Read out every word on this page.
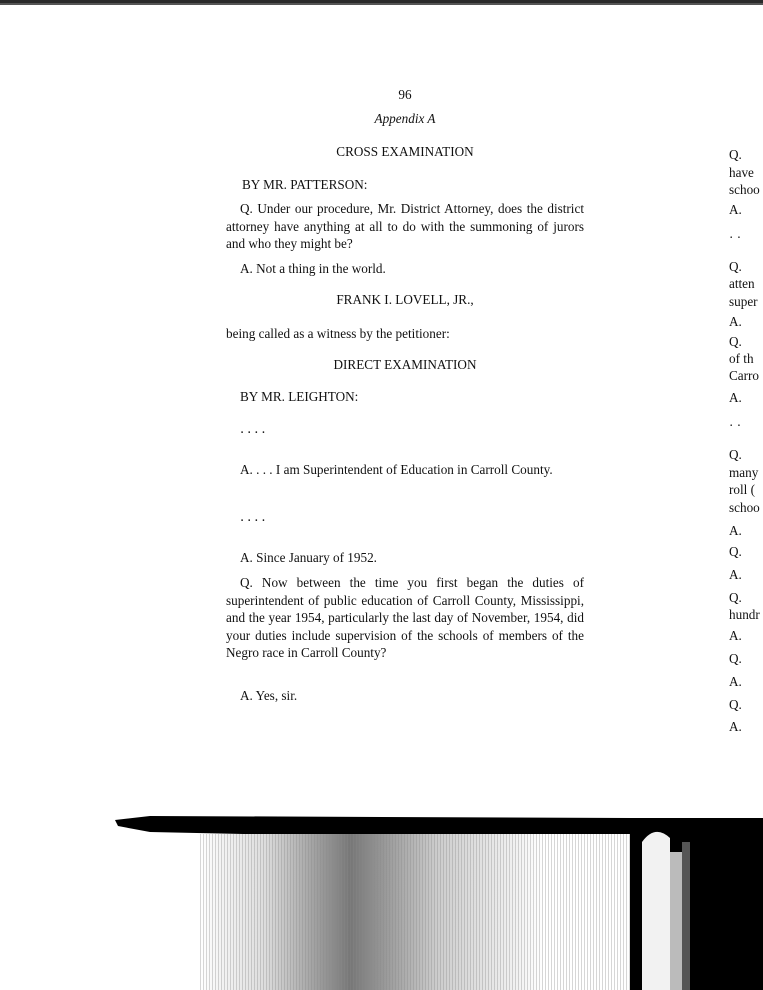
96
Appendix A
CROSS EXAMINATION
BY MR. PATTERSON:
Q. Under our procedure, Mr. District Attorney, does the district attorney have anything at all to do with the summoning of jurors and who they might be?
A. Not a thing in the world.
FRANK I. LOVELL, JR.,
being called as a witness by the petitioner:
DIRECT EXAMINATION
BY MR. LEIGHTON:
....
A. . . . I am Superintendent of Education in Carroll County.
....
A. Since January of 1952.
Q. Now between the time you first began the duties of superintendent of public education of Carroll County, Mississippi, and the year 1954, particularly the last day of November, 1954, did your duties include supervision of the schools of members of the Negro race in Carroll County?
A. Yes, sir.
Q.
have
schoo
A.
· ·
Q.
atten
super
A.
Q.
of th
Carro
A.
· ·
Q.
many
roll (
schoo
A.
Q.
A.
Q.
hundr
A.
Q.
A.
Q.
A.
